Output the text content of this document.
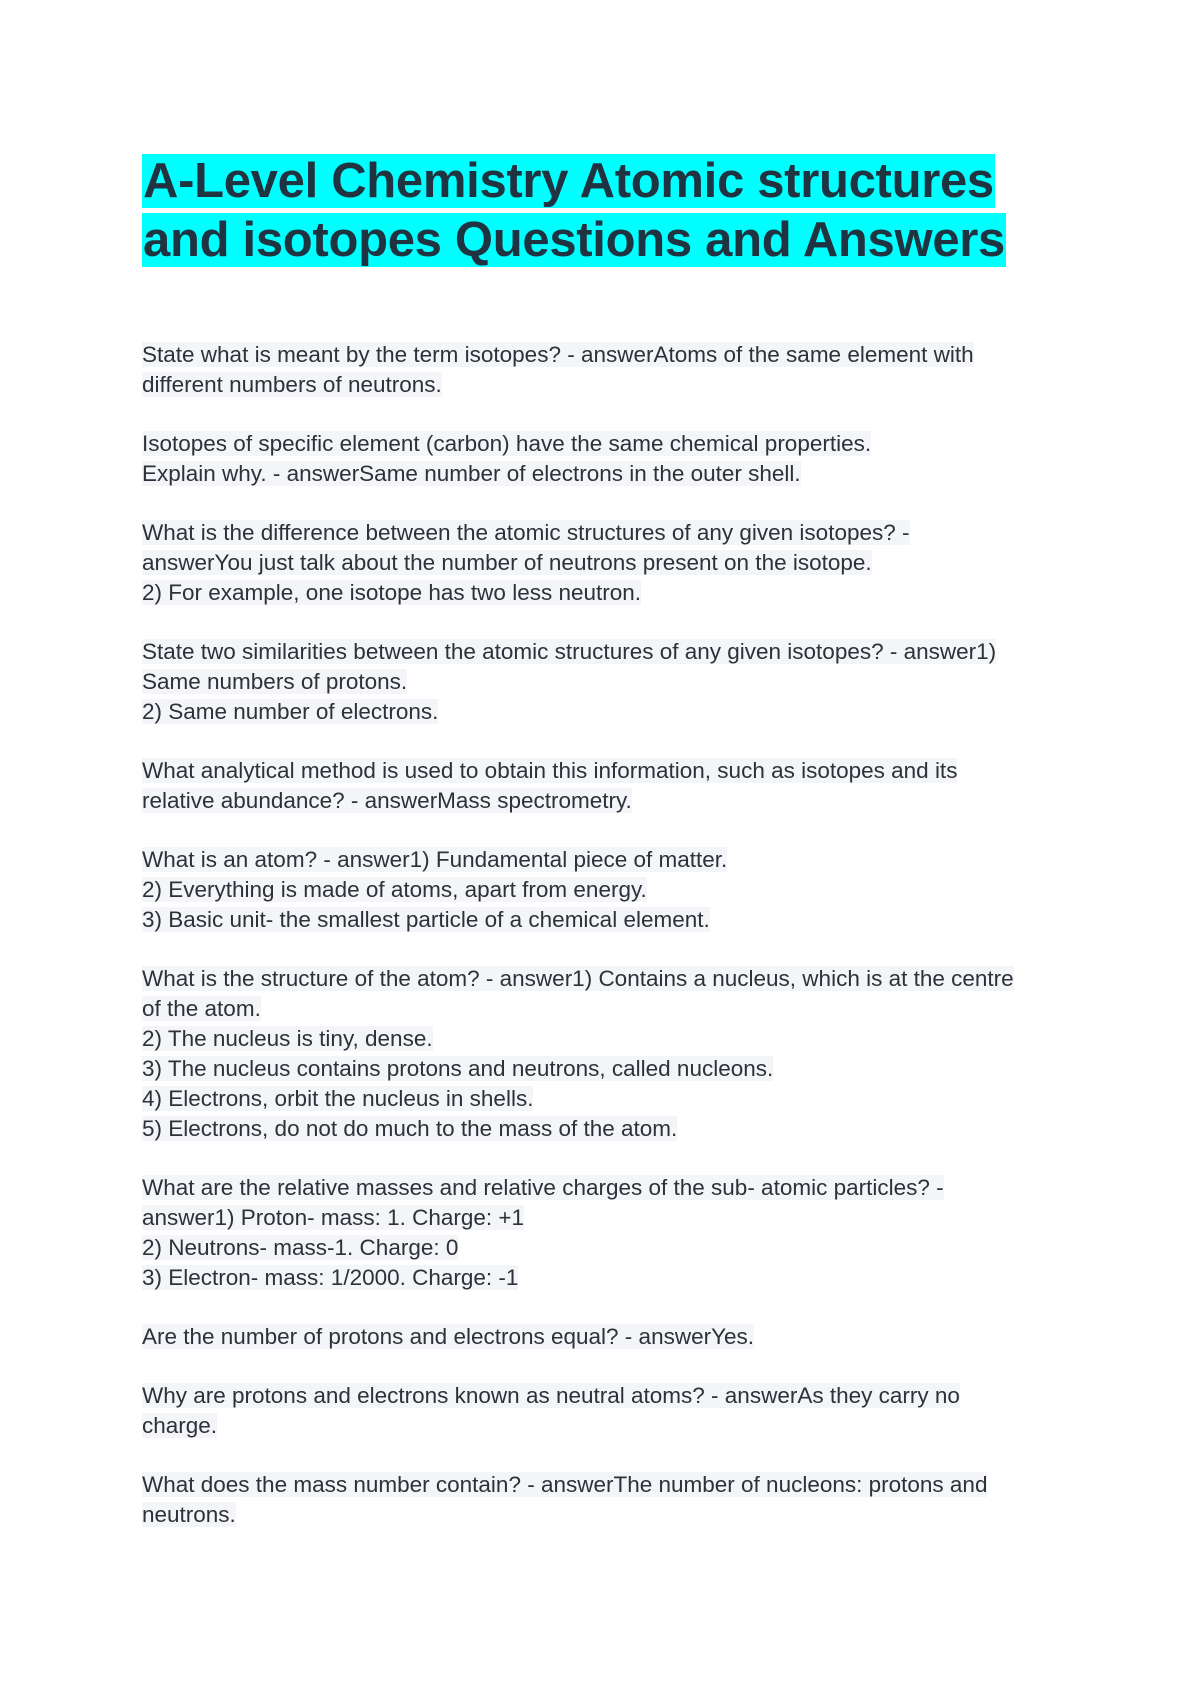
A-Level Chemistry Atomic structures
and isotopes Questions and Answers

State what is meant by the term isotopes? - answerAtoms of the same element with
different numbers of neutrons.

Isotopes of specific element (carbon) have the same chemical properties.
Explain why. - answerSame number of electrons in the outer shell.

What is the difference between the atomic structures of any given isotopes? -
answerYou just talk about the number of neutrons present on the isotope.
2) For example, one isotope has two less neutron.

State two similarities between the atomic structures of any given isotopes? - answer1)
Same numbers of protons.
2) Same number of electrons.

What analytical method is used to obtain this information, such as isotopes and its
relative abundance? - answerMass spectrometry.

What is an atom? - answer1) Fundamental piece of matter.
2) Everything is made of atoms, apart from energy.
3) Basic unit- the smallest particle of a chemical element.

What is the structure of the atom? - answer1) Contains a nucleus, which is at the centre
of the atom.
2) The nucleus is tiny, dense.
3) The nucleus contains protons and neutrons, called nucleons.
4) Electrons, orbit the nucleus in shells.
5) Electrons, do not do much to the mass of the atom.

What are the relative masses and relative charges of the sub- atomic particles? -
answer1) Proton- mass: 1. Charge: +1
2) Neutrons- mass-1. Charge: 0
3) Electron- mass: 1/2000. Charge: -1

Are the number of protons and electrons equal? - answerYes.

Why are protons and electrons known as neutral atoms? - answerAs they carry no
charge.

What does the mass number contain? - answerThe number of nucleons: protons and
neutrons.
